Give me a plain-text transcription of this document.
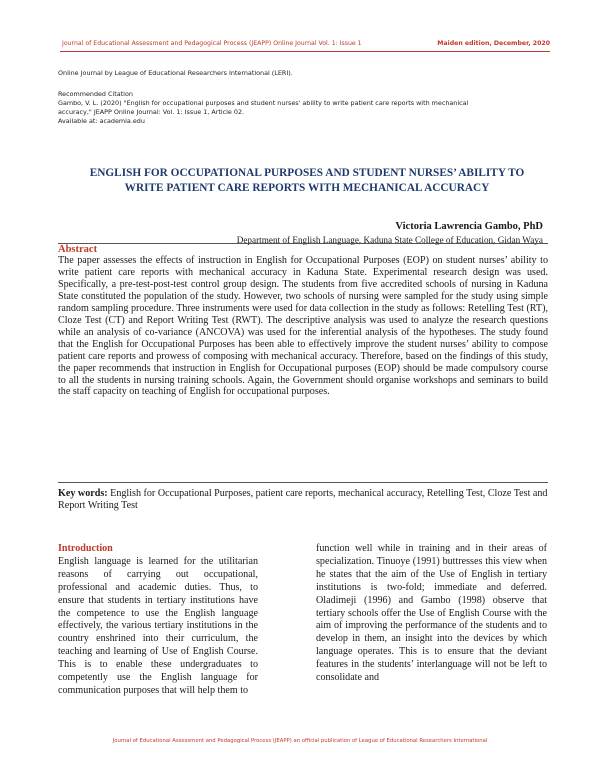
Journal of Educational Assessment and Pedagogical Process (JEAPP) Online Journal Vol. 1: Issue 1	Maiden edition, December, 2020
Online Journal by League of Educational Researchers International (LERI).
Recommended Citation
Gambo, V. L. (2020) "English for occupational purposes and student nurses' ability to write patient care reports with mechanical
accuracy," JEAPP Online Journal: Vol. 1: Issue 1, Article 02.
Available at: academia.edu
ENGLISH FOR OCCUPATIONAL PURPOSES AND STUDENT NURSES’ ABILITY TO
WRITE PATIENT CARE REPORTS WITH MECHANICAL ACCURACY
Victoria Lawrencia Gambo, PhD
Department of English Language, Kaduna State College of Education, Gidan Waya
Abstract
The paper assesses the effects of instruction in English for Occupational Purposes (EOP) on student nurses’ ability to write patient care reports with mechanical accuracy in Kaduna State. Experimental research design was used. Specifically, a pre-test-post-test control group design. The students from five accredited schools of nursing in Kaduna State constituted the population of the study. However, two schools of nursing were sampled for the study using simple random sampling procedure. Three instruments were used for data collection in the study as follows: Retelling Test (RT), Cloze Test (CT) and Report Writing Test (RWT). The descriptive analysis was used to analyze the research questions while an analysis of co-variance (ANCOVA) was used for the inferential analysis of the hypotheses. The study found that the English for Occupational Purposes has been able to effectively improve the student nurses’ ability to compose patient care reports and prowess of composing with mechanical accuracy. Therefore, based on the findings of this study, the paper recommends that instruction in English for Occupational purposes (EOP) should be made compulsory course to all the students in nursing training schools. Again, the Government should organise workshops and seminars to build the staff capacity on teaching of English for occupational purposes.
Key words: English for Occupational Purposes, patient care reports, mechanical accuracy, Retelling Test, Cloze Test and Report Writing Test
Introduction
English language is learned for the utilitarian reasons of carrying out occupational, professional and academic duties. Thus, to ensure that students in tertiary institutions have the competence to use the English language effectively, the various tertiary institutions in the country enshrined into their curriculum, the teaching and learning of Use of English Course. This is to enable these undergraduates to competently use the English language for communication purposes that will help them to
function well while in training and in their areas of specialization. Tinuoye (1991) buttresses this view when he states that the aim of the Use of English in tertiary institutions is two-fold; immediate and deferred. Oladimeji (1996) and Gambo (1998) observe that tertiary schools offer the Use of English Course with the aim of improving the performance of the students and to develop in them, an insight into the devices by which language operates. This is to ensure that the deviant features in the students’ interlanguage will not be left to consolidate and
Journal of Educational Assessment and Pedagogical Process (JEAPP) an official publication of League of Educational Researchers International
